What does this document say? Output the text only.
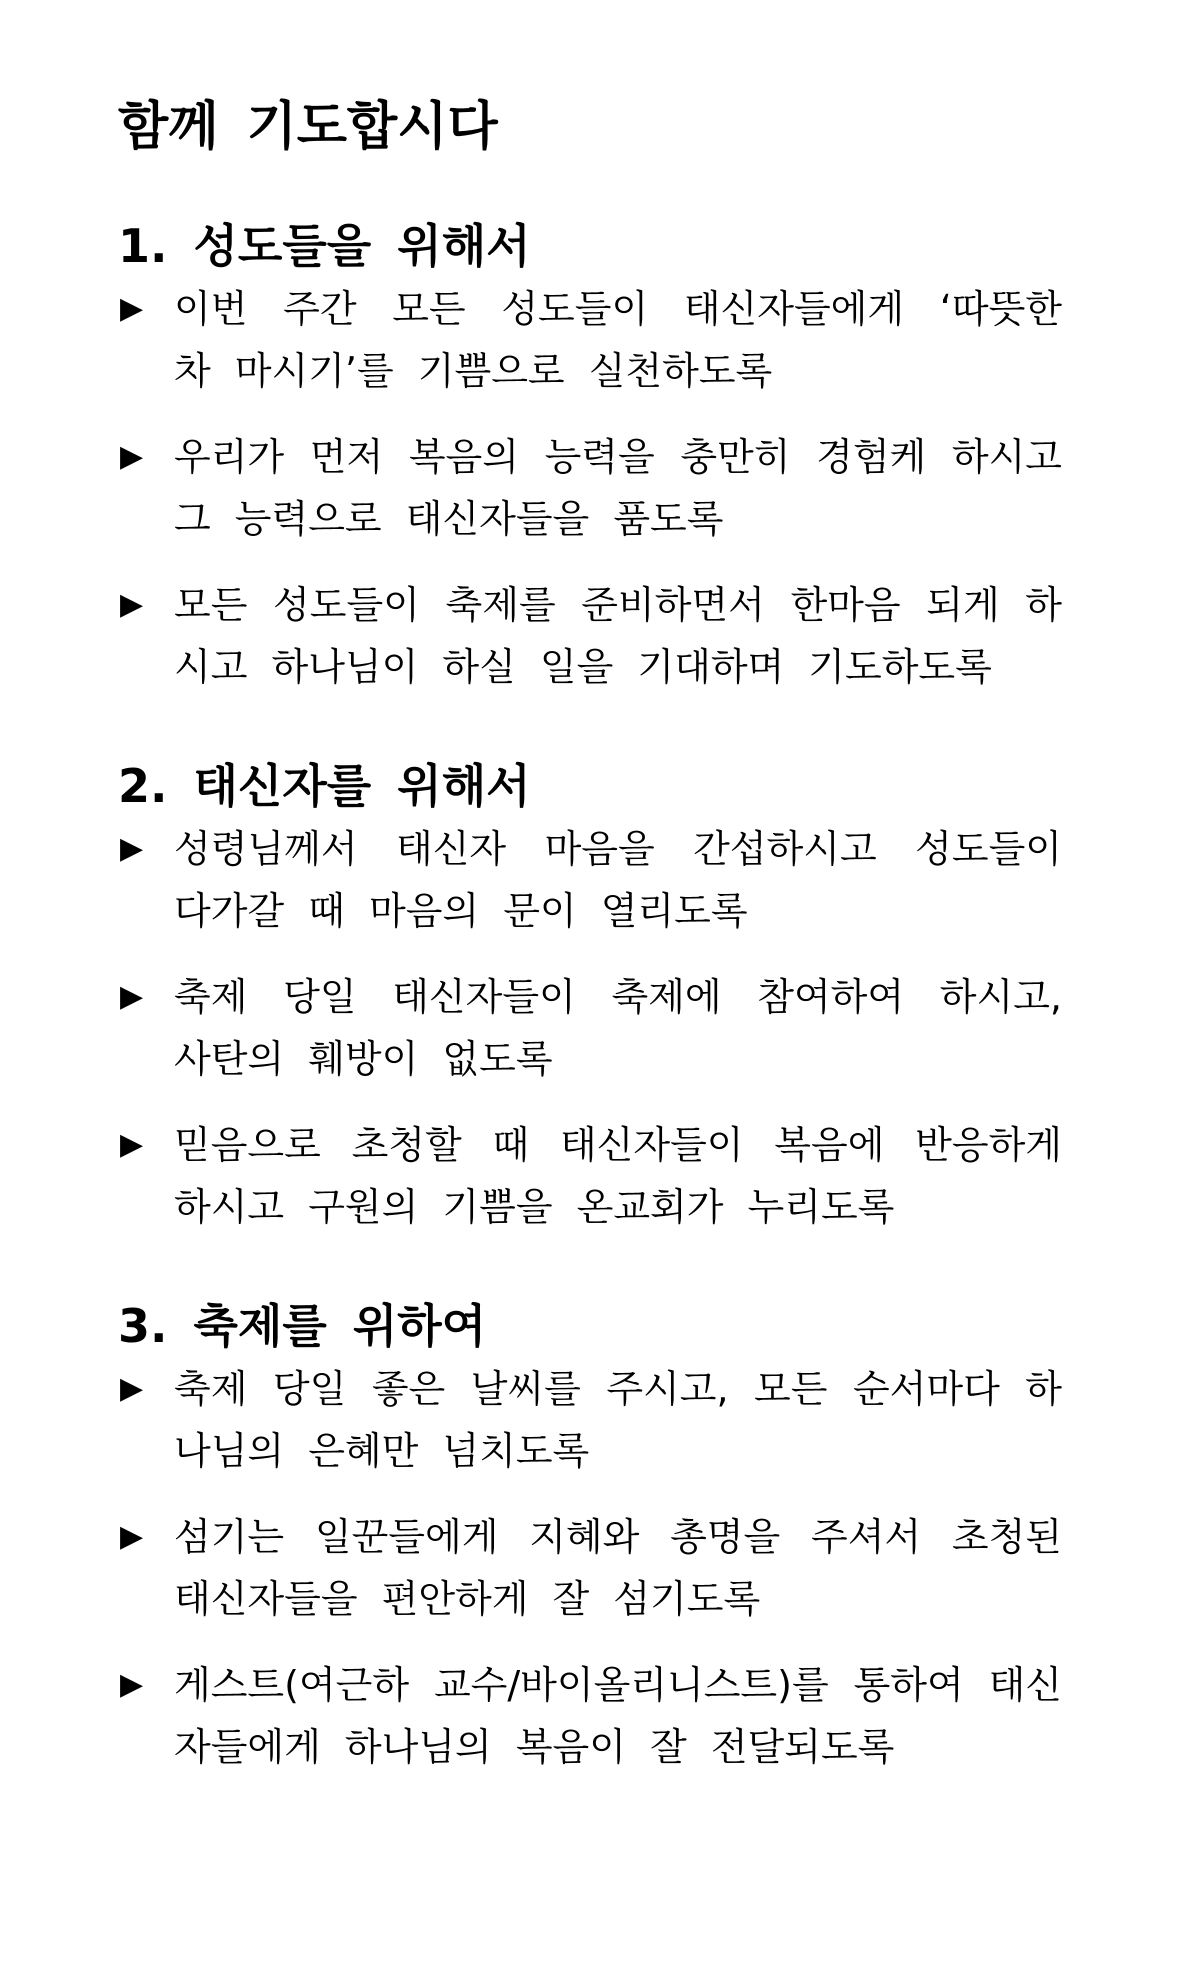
함께 기도합시다
1. 성도들을 위해서
▶ 이번 주간 모든 성도들이 태신자들에게 ‘따뜻한 차 마시기’를 기쁨으로 실천하도록
▶ 우리가 먼저 복음의 능력을 충만히 경험케 하시고 그 능력으로 태신자들을 품도록
▶ 모든 성도들이 축제를 준비하면서 한마음 되게 하시고 하나님이 하실 일을 기대하며 기도하도록
2. 태신자를 위해서
▶ 성령님께서 태신자 마음을 간섭하시고 성도들이 다가갈 때 마음의 문이 열리도록
▶ 축제 당일 태신자들이 축제에 참여하여 하시고, 사탄의 훼방이 없도록
▶ 믿음으로 초청할 때 태신자들이 복음에 반응하게 하시고 구원의 기쁨을 온교회가 누리도록
3. 축제를 위하여
▶ 축제 당일 좋은 날씨를 주시고, 모든 순서마다 하나님의 은혜만 넘치도록
▶ 섬기는 일꾼들에게 지혜와 총명을 주셔서 초청된 태신자들을 편안하게 잘 섬기도록
▶ 게스트(여근하 교수/바이올리니스트)를 통하여 태신자들에게 하나님의 복음이 잘 전달되도록
